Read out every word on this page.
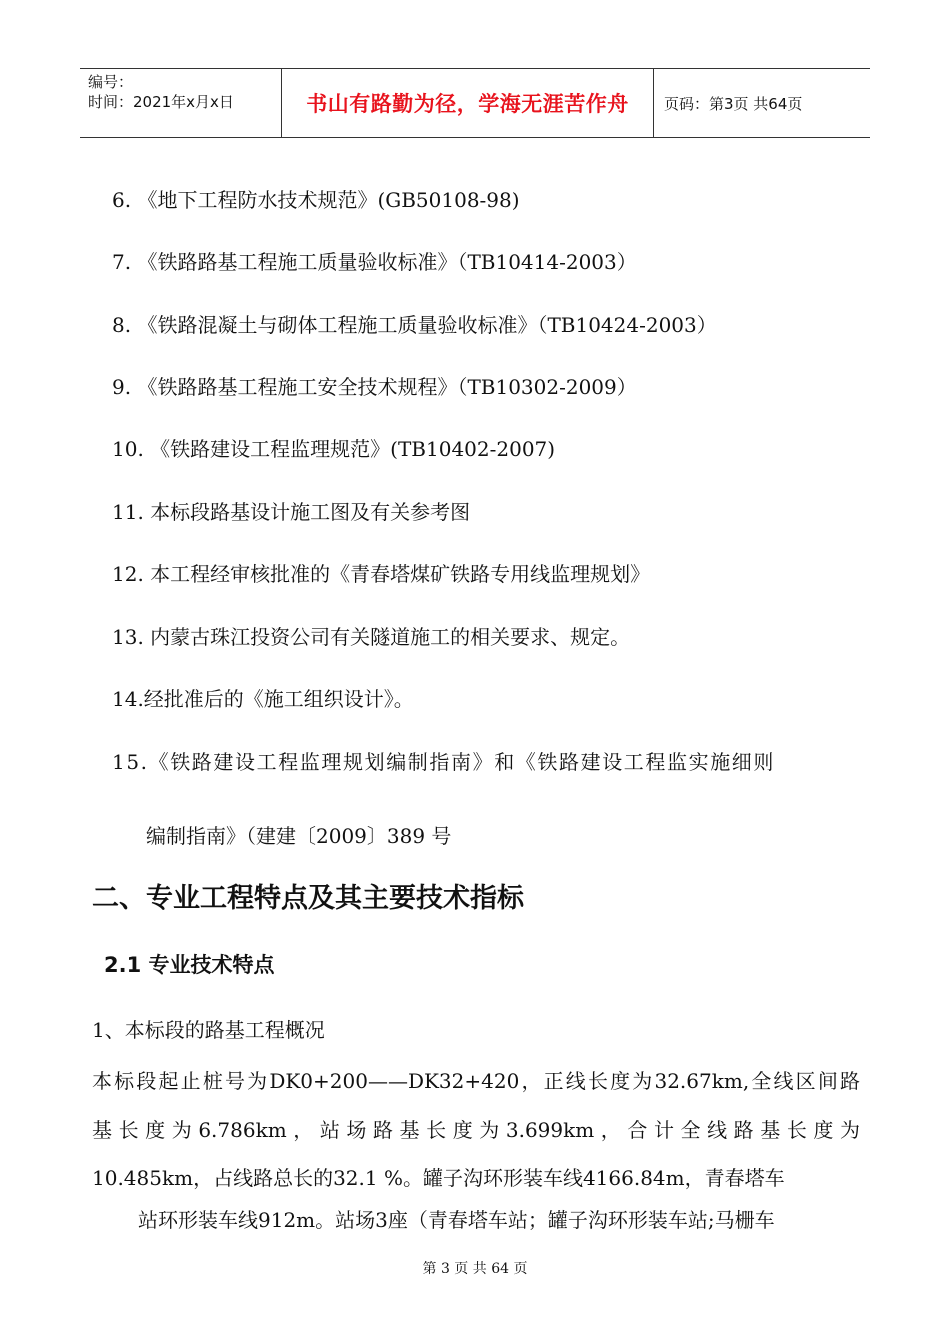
编号：
时间：2021年x月x日	书山有路勤为径，学海无涯苦作舟 页码：第3页 共64页
6. 《地下工程防水技术规范》(GB50108-98)
7. 《铁路路基工程施工质量验收标准》（TB10414-2003）
8. 《铁路混凝土与砌体工程施工质量验收标准》（TB10424-2003）
9. 《铁路路基工程施工安全技术规程》（TB10302-2009）
10. 《铁路建设工程监理规范》(TB10402-2007)
11. 本标段路基设计施工图及有关参考图
12. 本工程经审核批准的《青春塔煤矿铁路专用线监理规划》
13. 内蒙古珠江投资公司有关隧道施工的相关要求、规定。
14.经批准后的《施工组织设计》。
15.《铁路建设工程监理规划编制指南》和《铁路建设工程监实施细则
编制指南》（建建〔2009〕389 号
二、专业工程特点及其主要技术指标
2.1 专业技术特点
1、本标段的路基工程概况
本标段起止桩号为DK0+200——DK32+420，正线长度为32.67km,全线区间路
基长度为6.786km，站场路基长度为3.699km，合计全线路基长度为
10.485km，占线路总长的32.1 %。罐子沟环形装车线4166.84m，青春塔车
站环形装车线912m。站场3座（青春塔车站；罐子沟环形装车站;马栅车
第 3 页 共 64 页
